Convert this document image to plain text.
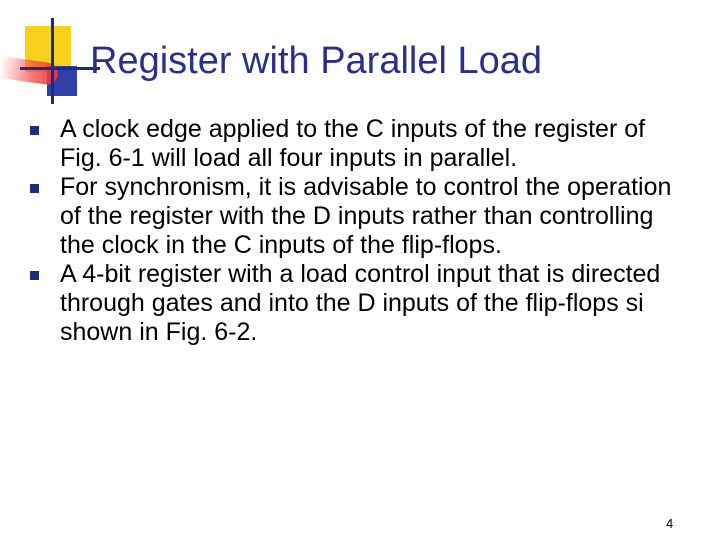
Register with Parallel Load
A clock edge applied to the C inputs of the register of Fig. 6-1 will load all four inputs in parallel.
For synchronism, it is advisable to control the operation of the register with the D inputs rather than controlling the clock in the C inputs of the flip-flops.
A 4-bit register with a load control input that is directed through gates and into the D inputs of the flip-flops si shown in Fig. 6-2.
4
